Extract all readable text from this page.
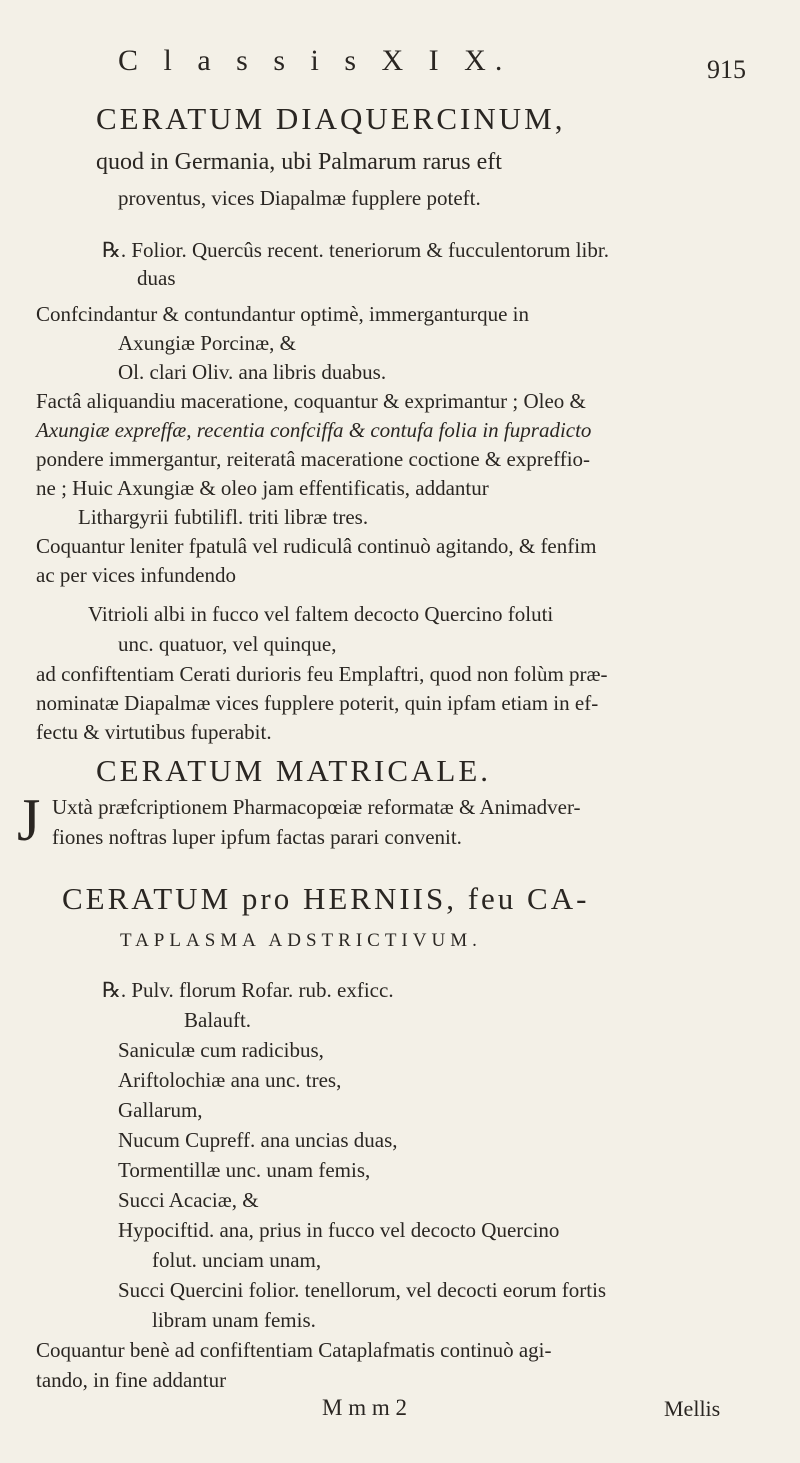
C l a s s i s X I X.	915
CERATUM DIAQUERCINUM,
quod in Germania, ubi Palmarum rarus eft
proventus, vices Diapalmæ fupplere poteft.
℞. Folior. Quercûs recent. teneriorum & fucculentorum libr.
duas
Confcindantur & contundantur optimè, immerganturque in
Axungiæ Porcinæ, &
Ol. clari Oliv. ana libris duabus.
Factâ aliquandiu maceratione, coquantur & exprimantur ; Oleo &
Axungiæ expreffæ, recentia confciffa & contufa folia in fupradicto
pondere immergantur, reiteratâ maceratione coctione & expreffio-
ne ; Huic Axungiæ & oleo jam effentificatis, addantur
Lithargyrii fubtilifl. triti libræ tres.
Coquantur leniter fpatulâ vel rudiculâ continuò agitando, & fenfim
ac per vices infundendo
Vitrioli albi in fucco vel faltem decocto Quercino foluti
unc. quatuor, vel quinque,
ad confiftentiam Cerati durioris feu Emplaftri, quod non folùm præ-
nominatæ Diapalmæ vices fupplere poterit, quin ipfam etiam in ef-
fectu & virtutibus fuperabit.
CERATUM MATRICALE.
J Uxtà præfcriptionem Pharmacopœiæ reformatæ & Animadver-
fiones noftras luper ipfum factas parari convenit.
CERATUM pro HERNIIS, feu CA-
TAPLASMA ADSTRICTIVUM.
℞. Pulv. florum Rofar. rub. exficc.
Balauft.
Saniculæ cum radicibus,
Ariftolochiæ ana unc. tres,
Gallarum,
Nucum Cupreff. ana uncias duas,
Tormentillæ unc. unam femis,
Succi Acaciæ, &
Hypociftid. ana, prius in fucco vel decocto Quercino
folut. unciam unam,
Succi Quercini folior. tenellorum, vel decocti eorum fortis
libram unam femis.
Coquantur benè ad confiftentiam Cataplafmatis continuò agi-
tando, in fine addantur
M m m 2	Mellis
